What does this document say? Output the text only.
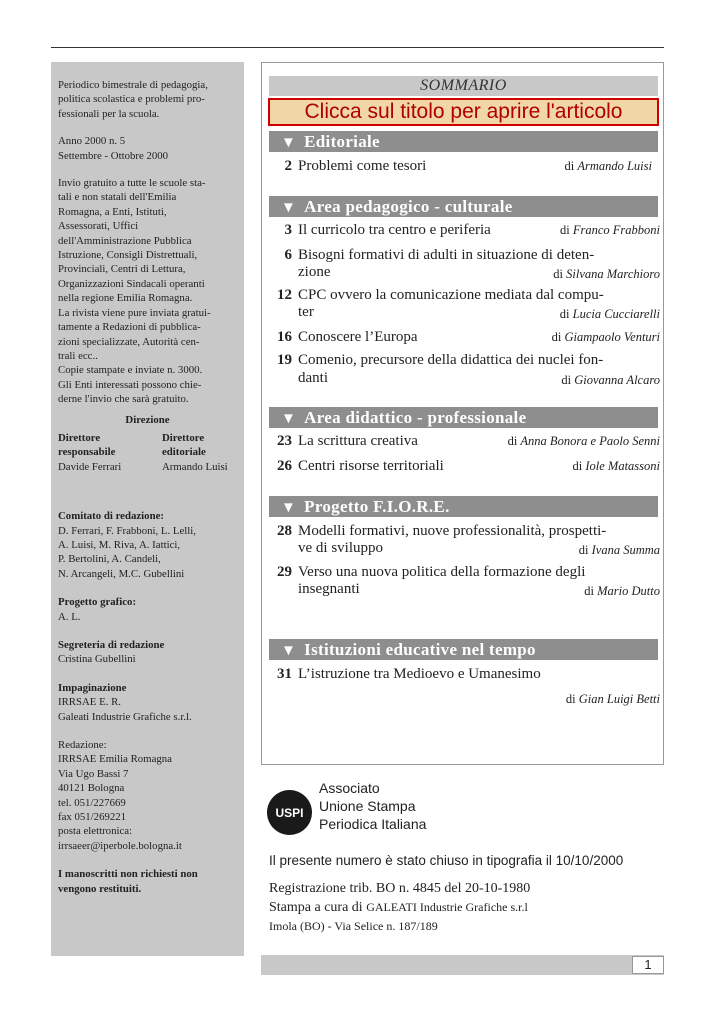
Periodico bimestrale di pedagogia,

politica scolastica e problemi pro-

fessionali per la scuola.

Anno 2000 n. 5

Settembre - Ottobre 2000

Invio gratuito a tutte le scuole sta-

tali e non statali dell'Emilia

Romagna, a Enti, Istituti,

Assessorati, Uffici

dell'Amministrazione Pubblica

Istruzione, Consigli Distrettuali,

Provinciali, Centri di Lettura,

Organizzazioni Sindacali operanti

nella regione Emilia Romagna.

La rivista viene pure inviata gratui-

tamente a Redazioni di pubblica-

zioni specializzate, Autorità cen-

trali ecc..

Copie stampate e inviate n. 3000.

Gli Enti interessati possono chie-

derne l'invio che sarà gratuito.

Direzione

Direttore	Direttore

responsabile	editoriale

Davide Ferrari	Armando Luisi

Comitato di redazione:

D. Ferrari, F. Frabboni, L. Lelli,

A. Luisi, M. Riva, A. Iattici,

P. Bertolini, A. Candeli,

N. Arcangeli, M.C. Gubellini

Progetto grafico:

A. L.

Segreteria di redazione

Cristina Gubellini

Impaginazione

IRRSAE E. R.

Galeati Industrie Grafiche s.r.l.

Redazione:

IRRSAE Emilia Romagna

Via Ugo Bassi 7

40121 Bologna

tel. 051/227669

fax 051/269221

posta elettronica:

irrsaeer@iperbole.bologna.it

I manoscritti non richiesti non

vengono restituiti.

SOMMARIO
Clicca sul titolo per aprire l'articolo
▼ Editoriale
2 Problemi come tesori	di Armando Luisi
▼ Area pedagogico - culturale
3 Il curricolo tra centro e periferia	di Franco Frabboni
6 Bisogni formativi di adulti in situazione di deten-
zione	di Silvana Marchioro
12 CPC ovvero la comunicazione mediata dal compu-
ter	di Lucia Cucciarelli
16 Conoscere l’Europa	di Giampaolo Venturi
19 Comenio, precursore della didattica dei nuclei fon-
danti	di Giovanna Alcaro
▼ Area didattico - professionale
23 La scrittura creativa	di Anna Bonora e Paolo Senni
26 Centri risorse territoriali	di Iole Matassoni
▼ Progetto F.I.O.R.E.
28 Modelli formativi, nuove professionalità, prospetti-
ve di sviluppo	di Ivana Summa
29 Verso una nuova politica della formazione degli
insegnanti	di Mario Dutto
▼ Istituzioni educative nel tempo
31 L’istruzione tra Medioevo e Umanesimo
di Gian Luigi Betti
USPI
Associato
Unione Stampa
Periodica Italiana
Il presente numero è stato chiuso in tipografia il 10/10/2000
Registrazione trib. BO n. 4845 del 20-10-1980
Stampa a cura di GALEATI Industrie Grafiche s.r.l
Imola (BO) - Via Selice n. 187/189
1
